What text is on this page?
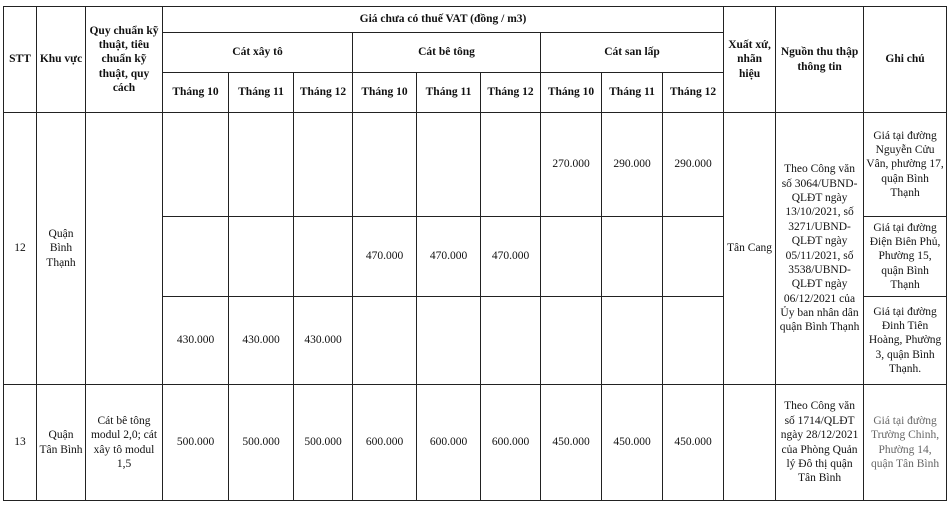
STT	Khu vực	Quy chuẩn kỹ thuật, tiêu chuẩn kỹ thuật, quy cách	Giá chưa có thuế VAT (đồng / m3)									Xuất xứ, nhãn hiệu	Nguồn thu thập thông tin	Ghi chú
			Cát xây tô			Cát bê tông			Cát san lấp					
			Tháng 10	Tháng 11	Tháng 12	Tháng 10	Tháng 11	Tháng 12	Tháng 10	Tháng 11	Tháng 12			
12	Quận Bình Thạnh								270.000	290.000	290.000	Tân Cang	Theo Công văn số 3064/UBND-QLĐT ngày 13/10/2021, số 3271/UBND-QLĐT ngày 05/11/2021, số 3538/UBND-QLĐT ngày 06/12/2021 của Ủy ban nhân dân quận Bình Thạnh	Giá tại đường Nguyễn Cửu Vân, phường 17, quận Bình Thạnh
						470.000	470.000	470.000						Giá tại đường Điện Biên Phủ, Phường 15, quận Bình Thạnh
			430.000	430.000	430.000									Giá tại đường Đinh Tiên Hoàng, Phường 3, quận Bình Thạnh.
13	Quận Tân Bình	Cát bê tông modul 2,0; cát xây tô modul 1,5	500.000	500.000	500.000	600.000	600.000	600.000	450.000	450.000	450.000		Theo Công văn số 1714/QLĐT ngày 28/12/2021 của Phòng Quản lý Đô thị quận Tân Bình	Giá tại đường Trường Chinh, Phường 14, quận Tân Bình
